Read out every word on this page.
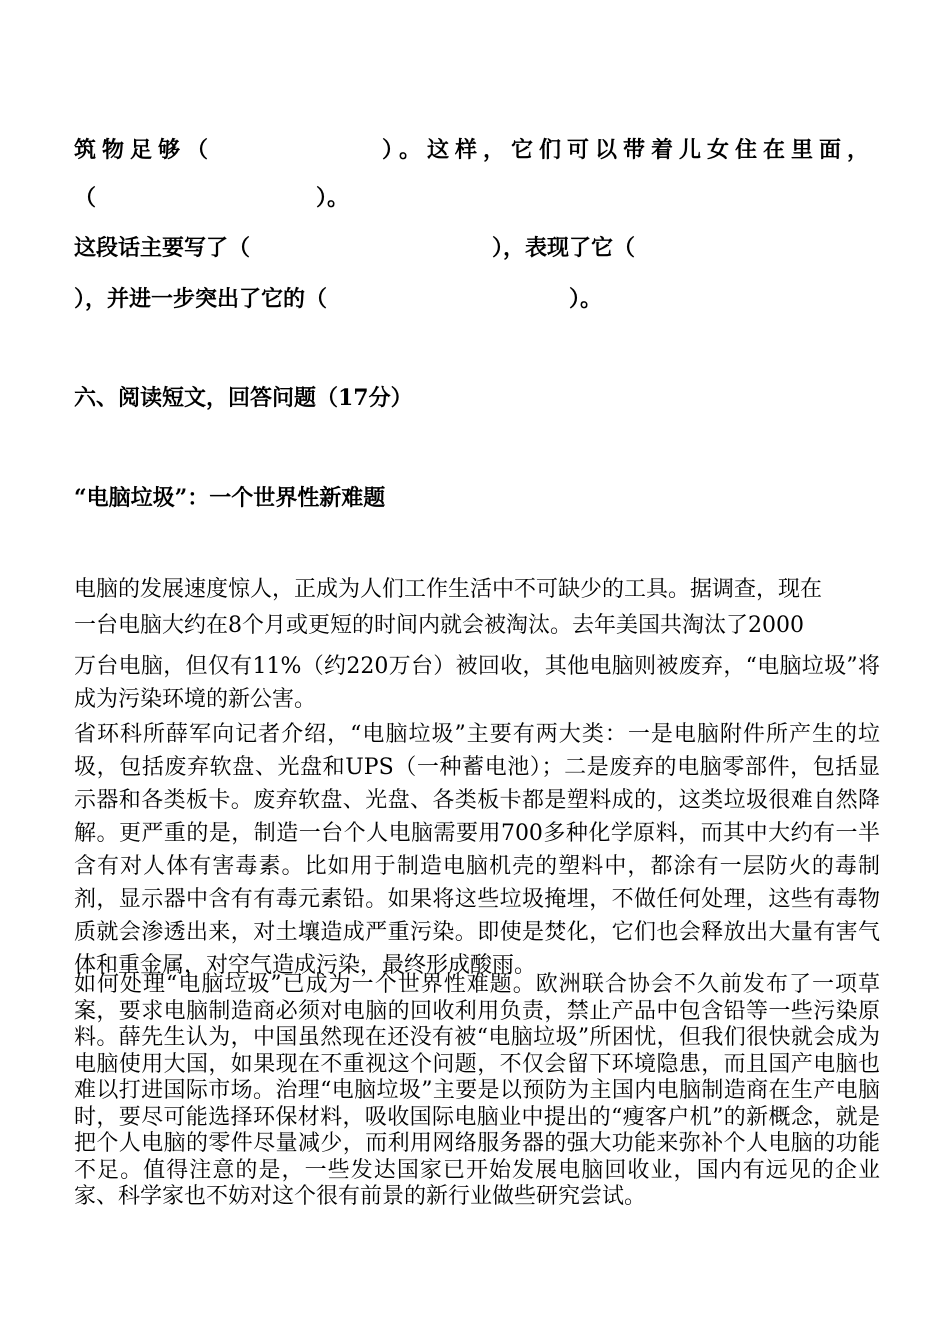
筑物足够（　　　　　　）。这样，它们可以带着儿女住在里面，
（　　　　　　　　　　）。
这段话主要写了（　　　　　　　　　　　），表现了它（
），并进一步突出了它的（　　　　　　　　　　　）。
六、阅读短文，回答问题（17分）
“电脑垃圾”：一个世界性新难题

电脑的发展速度惊人，正成为人们工作生活中不可缺少的工具。据调查，现在

一台电脑大约在8个月或更短的时间内就会被淘汰。去年美国共淘汰了2000

万台电脑，但仅有11%（约220万台）被回收，其他电脑则被废弃，“电脑垃圾”将成为污染环境的新公害。

省环科所薛军向记者介绍，“电脑垃圾”主要有两大类：一是电脑附件所产生的垃圾，包括废弃软盘、光盘和UPS（一种蓄电池）；二是废弃的电脑零部件，包括显示器和各类板卡。废弃软盘、光盘、各类板卡都是塑料成的，这类垃圾很难自然降解。更严重的是，制造一台个人电脑需要用700多种化学原料，而其中大约有一半含有对人体有害毒素。比如用于制造电脑机壳的塑料中，都涂有一层防火的毒制剂，显示器中含有有毒元素铅。如果将这些垃圾掩埋，不做任何处理，这些有毒物质就会渗透出来，对土壤造成严重污染。即使是焚化，它们也会释放出大量有害气体和重金属，对空气造成污染，最终形成酸雨。

如何处理“电脑垃圾”已成为一个世界性难题。欧洲联合协会不久前发布了一项草案，要求电脑制造商必须对电脑的回收利用负责，禁止产品中包含铅等一些污染原料。薛先生认为，中国虽然现在还没有被“电脑垃圾”所困忧，但我们很快就会成为电脑使用大国，如果现在不重视这个问题，不仅会留下环境隐患，而且国产电脑也难以打进国际市场。治理“电脑垃圾”主要是以预防为主国内电脑制造商在生产电脑时，要尽可能选择环保材料，吸收国际电脑业中提出的“瘦客户机”的新概念，就是把个人电脑的零件尽量减少，而利用网络服务器的强大功能来弥补个人电脑的功能不足。值得注意的是，一些发达国家已开始发展电脑回收业，国内有远见的企业家、科学家也不妨对这个很有前景的新行业做些研究尝试。
